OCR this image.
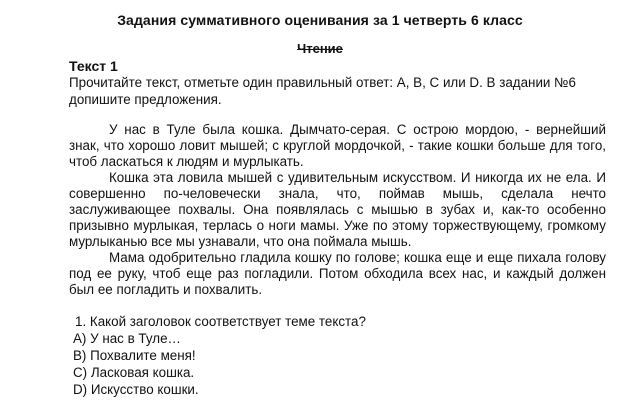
Задания суммативного оценивания за 1 четверть 6 класс
Чтение
Текст 1
Прочитайте текст, отметьте один правильный ответ: A, B, C или D. В задании №6 допишите предложения.

У нас в Туле была кошка. Дымчато-серая. С острою мордою, - вернейший знак, что хорошо ловит мышей; с круглой мордочкой, - такие кошки больше для того, чтоб ласкаться к людям и мурлыкать.

Кошка эта ловила мышей с удивительным искусством. И никогда их не ела. И совершенно по-человечески знала, что, поймав мышь, сделала нечто заслуживающее похвалы. Она появлялась с мышью в зубах и, как-то особенно призывно мурлыкая, терлась о ноги мамы. Уже по этому торжествующему, громкому мурлыканью все мы узнавали, что она поймала мышь.

Мама одобрительно гладила кошку по голове; кошка еще и еще пихала голову под ее руку, чтоб еще раз погладили. Потом обходила всех нас, и каждый должен был ее погладить и похвалить.

1. Какой заголовок соответствует теме текста?
А) У нас в Туле…
B) Похвалите меня!
C) Ласковая кошка.
D) Искусство кошки.
